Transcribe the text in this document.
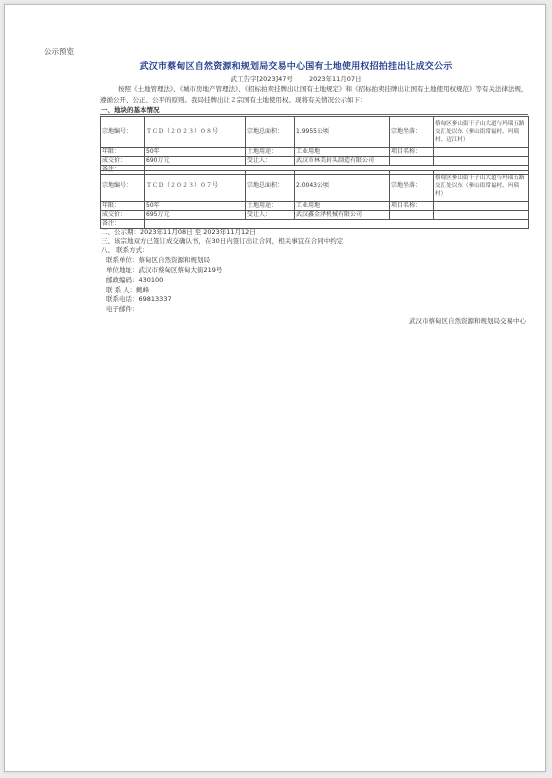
公示预览
武汉市蔡甸区自然资源和规划局交易中心国有土地使用权招拍挂出让成交公示
武工告字[2023]47号 2023年11月07日
按照《土地管理法》、《城市房地产管理法》、《招标拍卖挂牌出让国有土地规定》和《招标拍卖挂牌出让国有土地使用权规范》等有关法律法规，遵循公开、公正、公平的原则。我局挂牌出让２宗国有土地使用权。现将有关情况公示如下：
一、地块的基本情况
宗地编号：	ＴＣＤ（２０２３）０８号	宗地总面积：	1.9955公顷	宗地坐落：	蔡甸区奓山街干子山大道与玛瑙五路交汇处以东（奓山街常福村、玛瑙村、迈江村）
年限：	50年	土地用途：	工业用地	项目名称：	
成交价：	690万元	受让人：	武汉市林美封头制造有限公司		
备注：					
宗地编号：	ＴＣＤ（２０２３）０７号	宗地总面积：	2.0043公顷	宗地坐落：	蔡甸区奓山街干子山大道与玛瑙五路交汇处以东（奓山街常福村、玛瑙村）
年限：	50年	土地用途：	工业用地	项目名称：	
成交价：	695万元	受让人：	武汉鑫金泽机械有限公司		
备注：					
二、公示期：2023年11月08日 至 2023年11月12日
三、该宗地双方已签订成交确认书，在30日内签订出让合同，相关事宜在合同中约定
八、 联系方式：
联系单位：蔡甸区自然资源和规划局
单位地址：武汉市蔡甸区蔡甸大街219号
邮政编码：430100
联 系 人：鲍峰
联系电话：69813337
电子邮件：
武汉市蔡甸区自然资源和规划局交易中心
